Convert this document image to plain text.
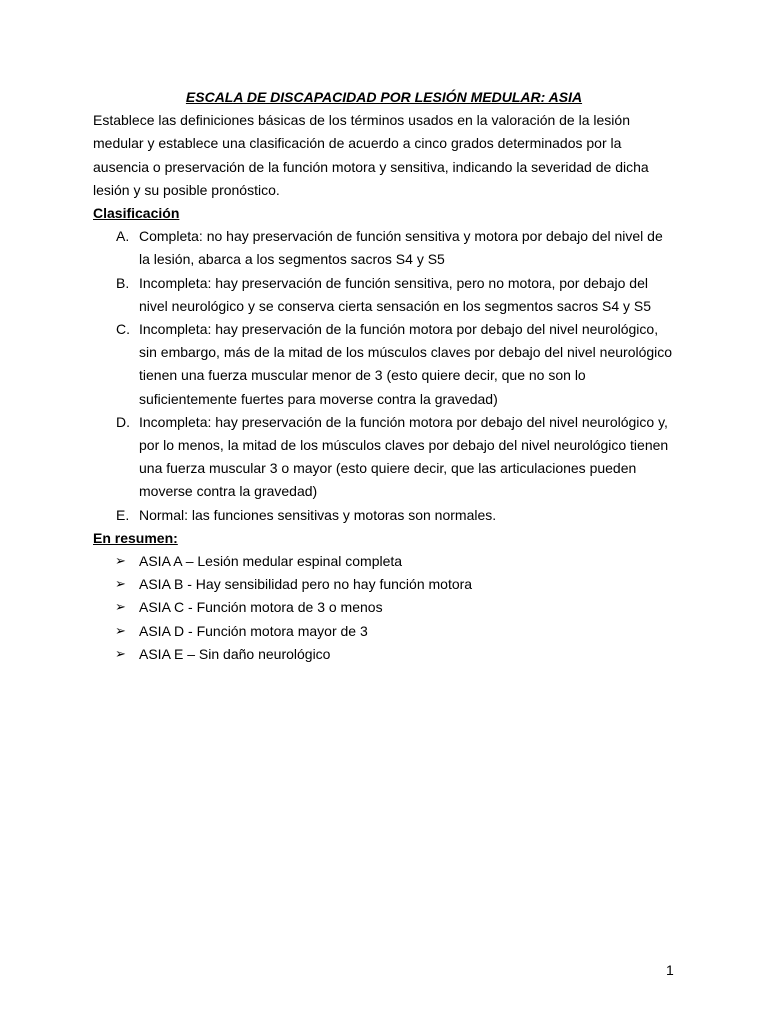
ESCALA DE DISCAPACIDAD POR LESIÓN MEDULAR: ASIA

Establece las definiciones básicas de los términos usados en la valoración de la lesión medular y establece una clasificación de acuerdo a cinco grados determinados por la ausencia o preservación de la función motora y sensitiva, indicando la severidad de dicha lesión y su posible pronóstico.

Clasificación

A. Completa: no hay preservación de función sensitiva y motora por debajo del nivel de la lesión, abarca a los segmentos sacros S4 y S5
B. Incompleta: hay preservación de función sensitiva, pero no motora, por debajo del nivel neurológico y se conserva cierta sensación en los segmentos sacros S4 y S5
C. Incompleta: hay preservación de la función motora por debajo del nivel neurológico, sin embargo, más de la mitad de los músculos claves por debajo del nivel neurológico tienen una fuerza muscular menor de 3 (esto quiere decir, que no son lo suficientemente fuertes para moverse contra la gravedad)
D. Incompleta: hay preservación de la función motora por debajo del nivel neurológico y, por lo menos, la mitad de los músculos claves por debajo del nivel neurológico tienen una fuerza muscular 3 o mayor (esto quiere decir, que las articulaciones pueden moverse contra la gravedad)
E. Normal: las funciones sensitivas y motoras son normales.

En resumen:

➢ ASIA A – Lesión medular espinal completa
➢ ASIA B - Hay sensibilidad pero no hay función motora
➢ ASIA C - Función motora de 3 o menos
➢ ASIA D - Función motora mayor de 3
➢ ASIA E – Sin daño neurológico
1
